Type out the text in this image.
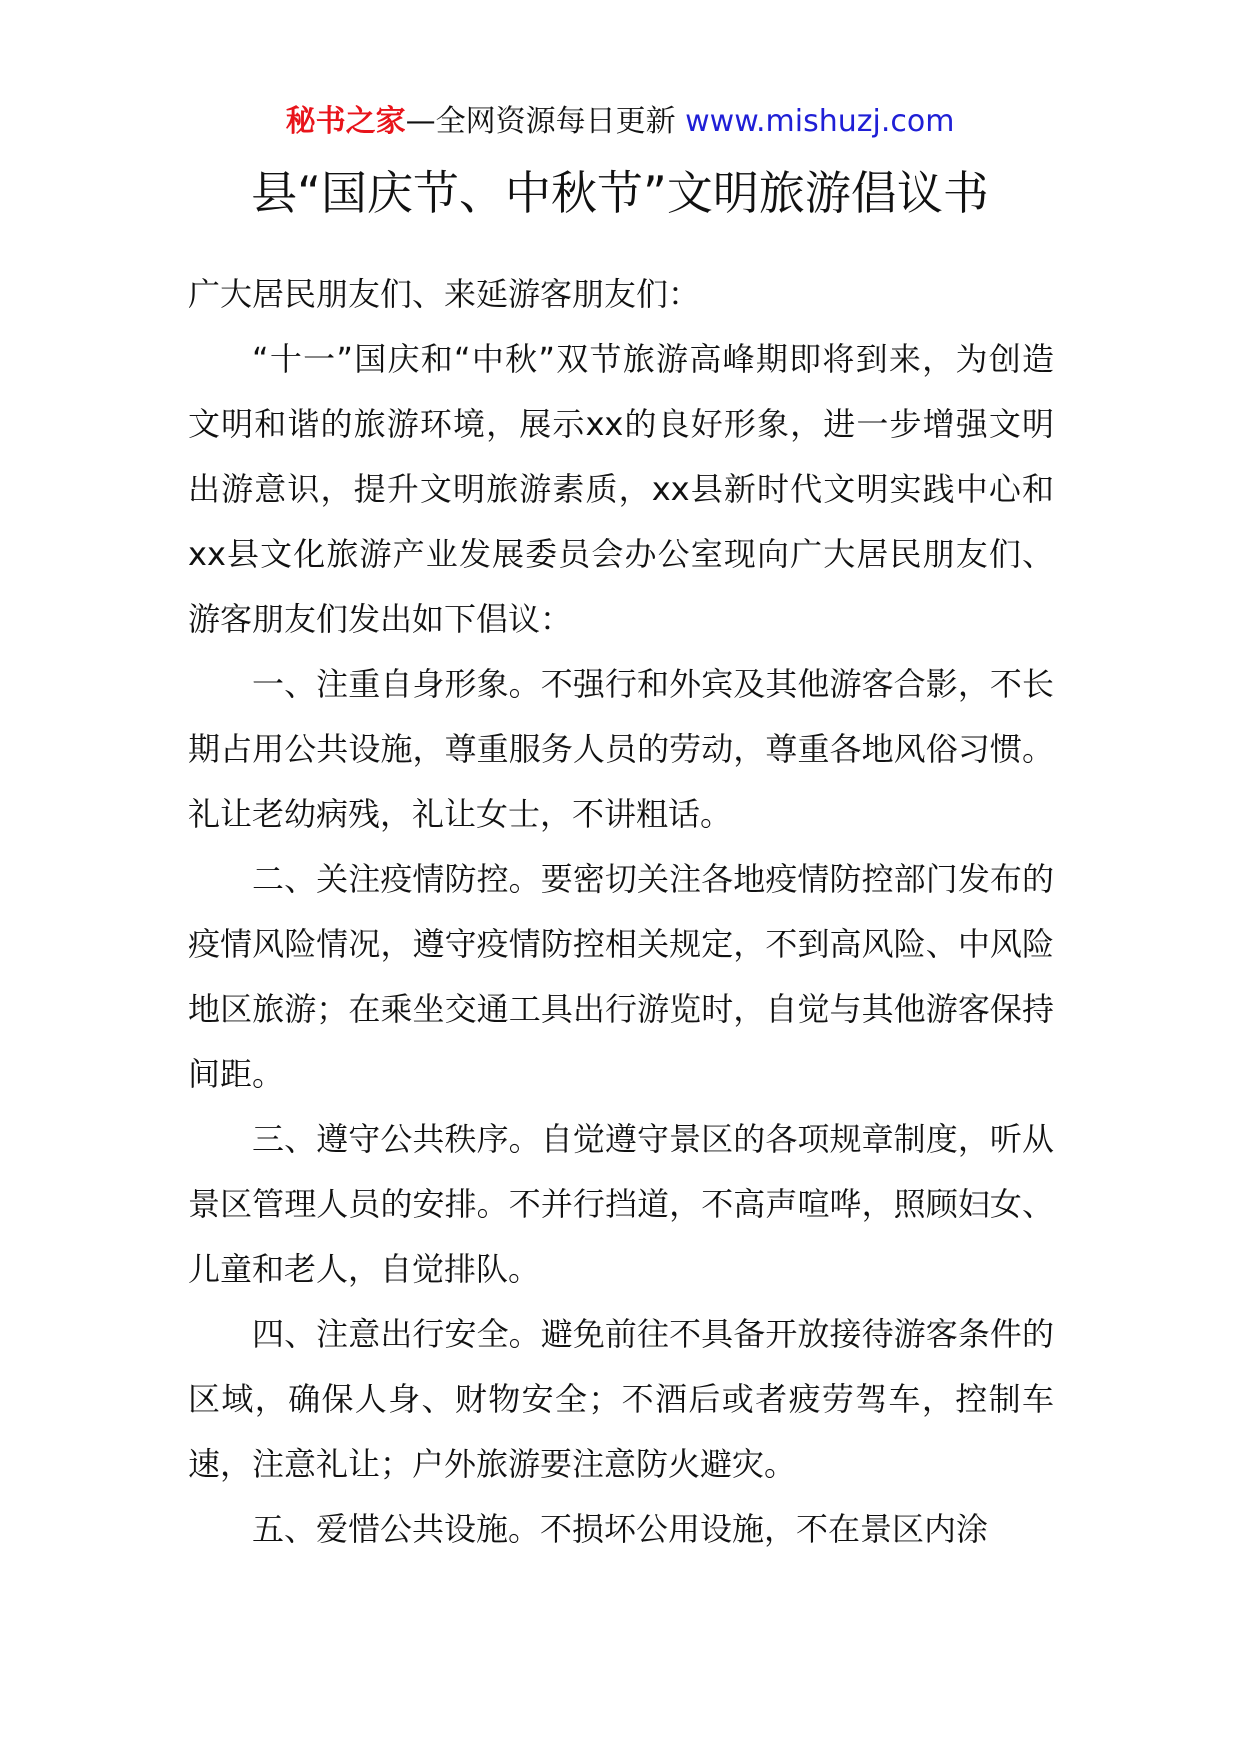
秘书之家—全网资源每日更新 www.mishuzj.com
县“国庆节、中秋节”文明旅游倡议书

广大居民朋友们、来延游客朋友们：

“十一”国庆和“中秋”双节旅游高峰期即将到来，为创造文明和谐的旅游环境，展示xx的良好形象，进一步增强文明出游意识，提升文明旅游素质，xx县新时代文明实践中心和xx县文化旅游产业发展委员会办公室现向广大居民朋友们、游客朋友们发出如下倡议：

一、注重自身形象。不强行和外宾及其他游客合影，不长期占用公共设施，尊重服务人员的劳动，尊重各地风俗习惯。礼让老幼病残，礼让女士，不讲粗话。

二、关注疫情防控。要密切关注各地疫情防控部门发布的疫情风险情况，遵守疫情防控相关规定，不到高风险、中风险地区旅游；在乘坐交通工具出行游览时，自觉与其他游客保持间距。

三、遵守公共秩序。自觉遵守景区的各项规章制度，听从景区管理人员的安排。不并行挡道，不高声喧哗，照顾妇女、儿童和老人，自觉排队。

四、注意出行安全。避免前往不具备开放接待游客条件的区域，确保人身、财物安全；不酒后或者疲劳驾车，控制车速，注意礼让；户外旅游要注意防火避灾。

五、爱惜公共设施。不损坏公用设施，不在景区内涂
